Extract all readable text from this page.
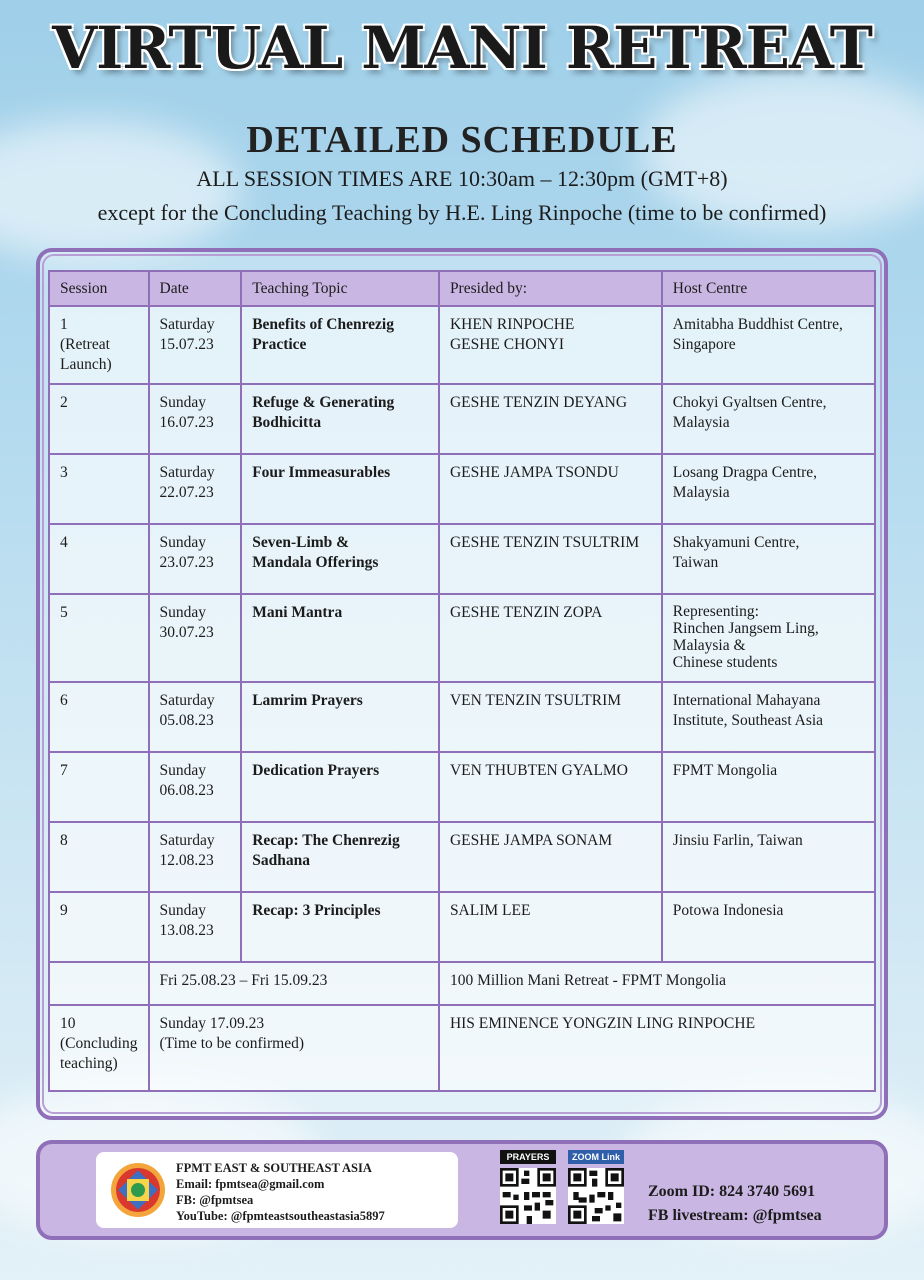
VIRTUAL MANI RETREAT
DETAILED SCHEDULE
ALL SESSION TIMES ARE 10:30am – 12:30pm (GMT+8)
except for the Concluding Teaching by H.E. Ling Rinpoche (time to be confirmed)
Session	Date	Teaching Topic	Presided by:	Host Centre
1
(Retreat
Launch)	Saturday
15.07.23	Benefits of Chenrezig Practice	KHEN RINPOCHE
GESHE CHONYI	Amitabha Buddhist Centre, Singapore
2	Sunday
16.07.23	Refuge & Generating Bodhicitta	GESHE TENZIN DEYANG	Chokyi Gyaltsen Centre, Malaysia
3	Saturday
22.07.23	Four Immeasurables	GESHE JAMPA TSONDU	Losang Dragpa Centre, Malaysia
4	Sunday
23.07.23	Seven-Limb &
Mandala Offerings	GESHE TENZIN TSULTRIM	Shakyamuni Centre,
Taiwan
5	Sunday
30.07.23	Mani Mantra	GESHE TENZIN ZOPA	Representing:
Rinchen Jangsem Ling,
Malaysia &
Chinese students
6	Saturday
05.08.23	Lamrim Prayers	VEN TENZIN TSULTRIM	International Mahayana Institute, Southeast Asia
7	Sunday
06.08.23	Dedication Prayers	VEN THUBTEN GYALMO	FPMT Mongolia
8	Saturday
12.08.23	Recap: The Chenrezig Sadhana	GESHE JAMPA SONAM	Jinsiu Farlin, Taiwan
9	Sunday
13.08.23	Recap: 3 Principles	SALIM LEE	Potowa Indonesia
	Fri 25.08.23 – Fri 15.09.23		100 Million Mani Retreat - FPMT Mongolia	
10
(Concluding
teaching)	Sunday 17.09.23
(Time to be confirmed)		HIS EMINENCE YONGZIN LING RINPOCHE	
FPMT EAST & SOUTHEAST ASIA
Email: fpmtsea@gmail.com
FB: @fpmtsea
YouTube: @fpmteastsoutheastasia5897
PRAYERS	ZOOM Link
Zoom ID: 824 3740 5691
FB livestream: @fpmtsea
